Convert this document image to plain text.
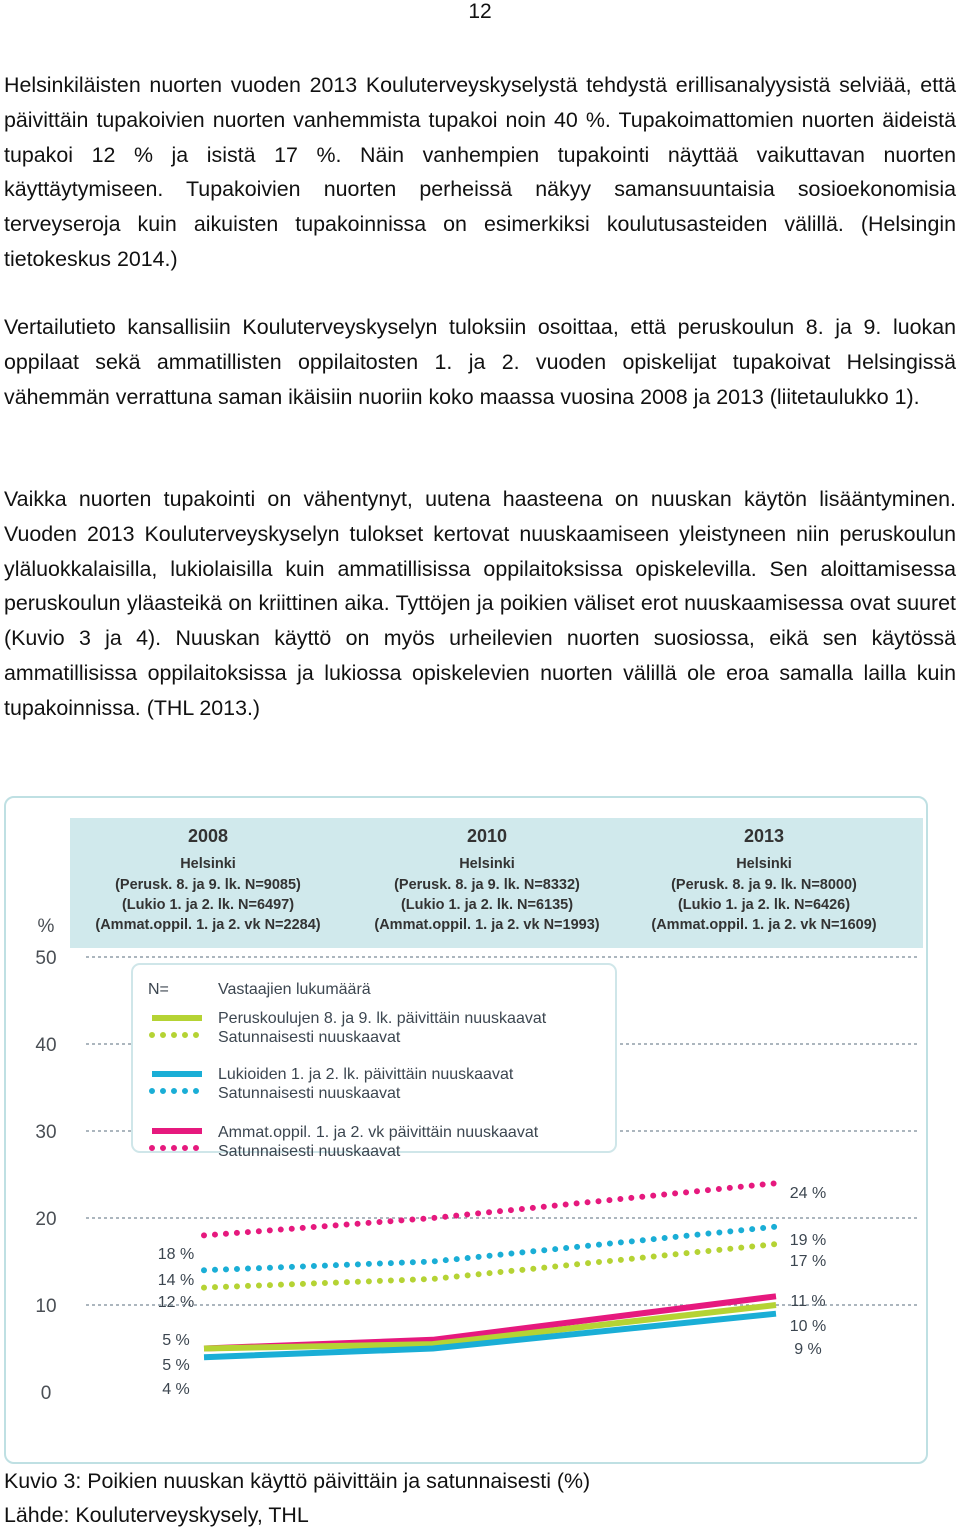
12

Helsinkiläisten nuorten vuoden 2013 Kouluterveyskyselystä tehdystä erillisanalyysistä selviää, että päivittäin tupakoivien nuorten vanhemmista tupakoi noin 40 %. Tupakoimattomien nuorten äideistä tupakoi 12 % ja isistä 17 %. Näin vanhempien tupakointi näyttää vaikuttavan nuorten käyttäytymiseen. Tupakoivien nuorten perheissä näkyy samansuuntaisia sosioekonomisia terveyseroja kuin aikuisten tupakoinnissa on esimerkiksi koulutusasteiden välillä. (Helsingin tietokeskus 2014.)

Vertailutieto kansallisiin Kouluterveyskyselyn tuloksiin osoittaa, että peruskoulun 8. ja 9. luokan oppilaat sekä ammatillisten oppilaitosten 1. ja 2. vuoden opiskelijat tupakoivat Helsingissä vähemmän verrattuna saman ikäisiin nuoriin koko maassa vuosina 2008 ja 2013 (liitetaulukko 1).

Vaikka nuorten tupakointi on vähentynyt, uutena haasteena on nuuskan käytön lisääntyminen. Vuoden 2013 Kouluterveyskyselyn tulokset kertovat nuuskaamiseen yleistyneen niin peruskoulun yläluokkalaisilla, lukiolaisilla kuin ammatillisissa oppilaitoksissa opiskelevilla. Sen aloittamisessa peruskoulun yläasteikä on kriittinen aika. Tyttöjen ja poikien väliset erot nuuskaamisessa ovat suuret (Kuvio 3 ja 4). Nuuskan käyttö on myös urheilevien nuorten suosiossa, eikä sen käytössä ammatillisissa oppilaitoksissa ja lukiossa opiskelevien nuorten välillä ole eroa samalla lailla kuin tupakoinnissa. (THL 2013.)

2008
Helsinki
(Perusk. 8. ja 9. lk. N=9085)
(Lukio 1. ja 2. lk. N=6497)
(Ammat.oppil. 1. ja 2. vk N=2284)
2010
Helsinki
(Perusk. 8. ja 9. lk. N=8332)
(Lukio 1. ja 2. lk. N=6135)
(Ammat.oppil. 1. ja 2. vk N=1993)
2013
Helsinki
(Perusk. 8. ja 9. lk. N=8000)
(Lukio 1. ja 2. lk. N=6426)
(Ammat.oppil. 1. ja 2. vk N=1609)
%
0
10
20
30
40
50
N=	Vastaajien lukumäärä
Peruskoulujen 8. ja 9. lk. päivittäin nuuskaavat
Satunnaisesti nuuskaavat
Lukioiden 1. ja 2. lk. päivittäin nuuskaavat
Satunnaisesti nuuskaavat
Ammat.oppil. 1. ja 2. vk päivittäin nuuskaavat
Satunnaisesti nuuskaavat
18 %
14 %
12 %
5 %
5 %
4 %
24 %
19 %
17 %
11 %
10 %
9 %
Kuvio 3: Poikien nuuskan käyttö päivittäin ja satunnaisesti (%)
Lähde: Kouluterveyskysely, THL
